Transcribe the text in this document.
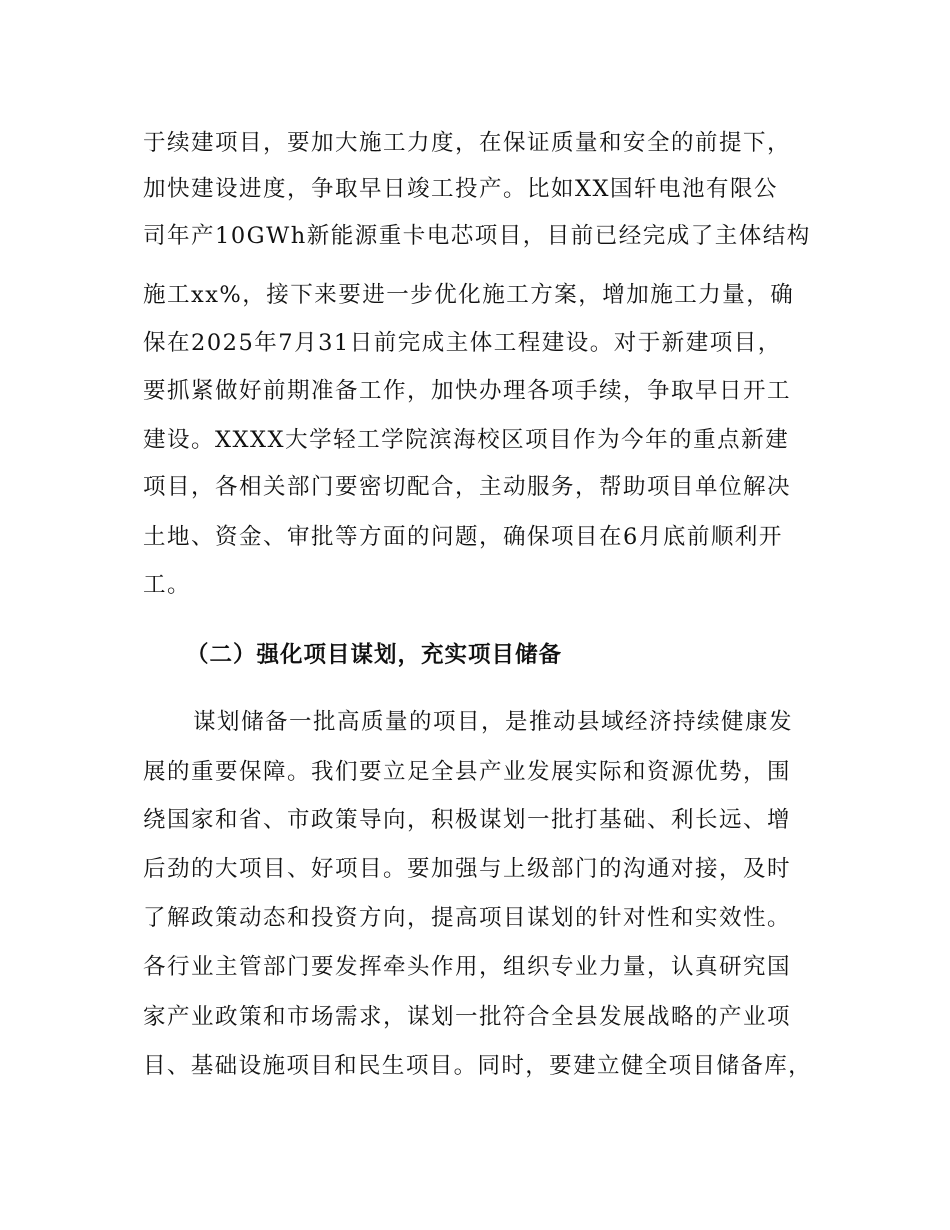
于续建项目，要加大施工力度，在保证质量和安全的前提下，
加快建设进度，争取早日竣工投产。比如XX国轩电池有限公
司年产10GWh新能源重卡电芯项目，目前已经完成了主体结构
施工xx%，接下来要进一步优化施工方案，增加施工力量，确
保在2025年7月31日前完成主体工程建设。对于新建项目，
要抓紧做好前期准备工作，加快办理各项手续，争取早日开工
建设。XXXX大学轻工学院滨海校区项目作为今年的重点新建
项目，各相关部门要密切配合，主动服务，帮助项目单位解决
土地、资金、审批等方面的问题，确保项目在6月底前顺利开
工。
（二）强化项目谋划，充实项目储备
谋划储备一批高质量的项目，是推动县域经济持续健康发
展的重要保障。我们要立足全县产业发展实际和资源优势，围
绕国家和省、市政策导向，积极谋划一批打基础、利长远、增
后劲的大项目、好项目。要加强与上级部门的沟通对接，及时
了解政策动态和投资方向，提高项目谋划的针对性和实效性。
各行业主管部门要发挥牵头作用，组织专业力量，认真研究国
家产业政策和市场需求，谋划一批符合全县发展战略的产业项
目、基础设施项目和民生项目。同时，要建立健全项目储备库，
